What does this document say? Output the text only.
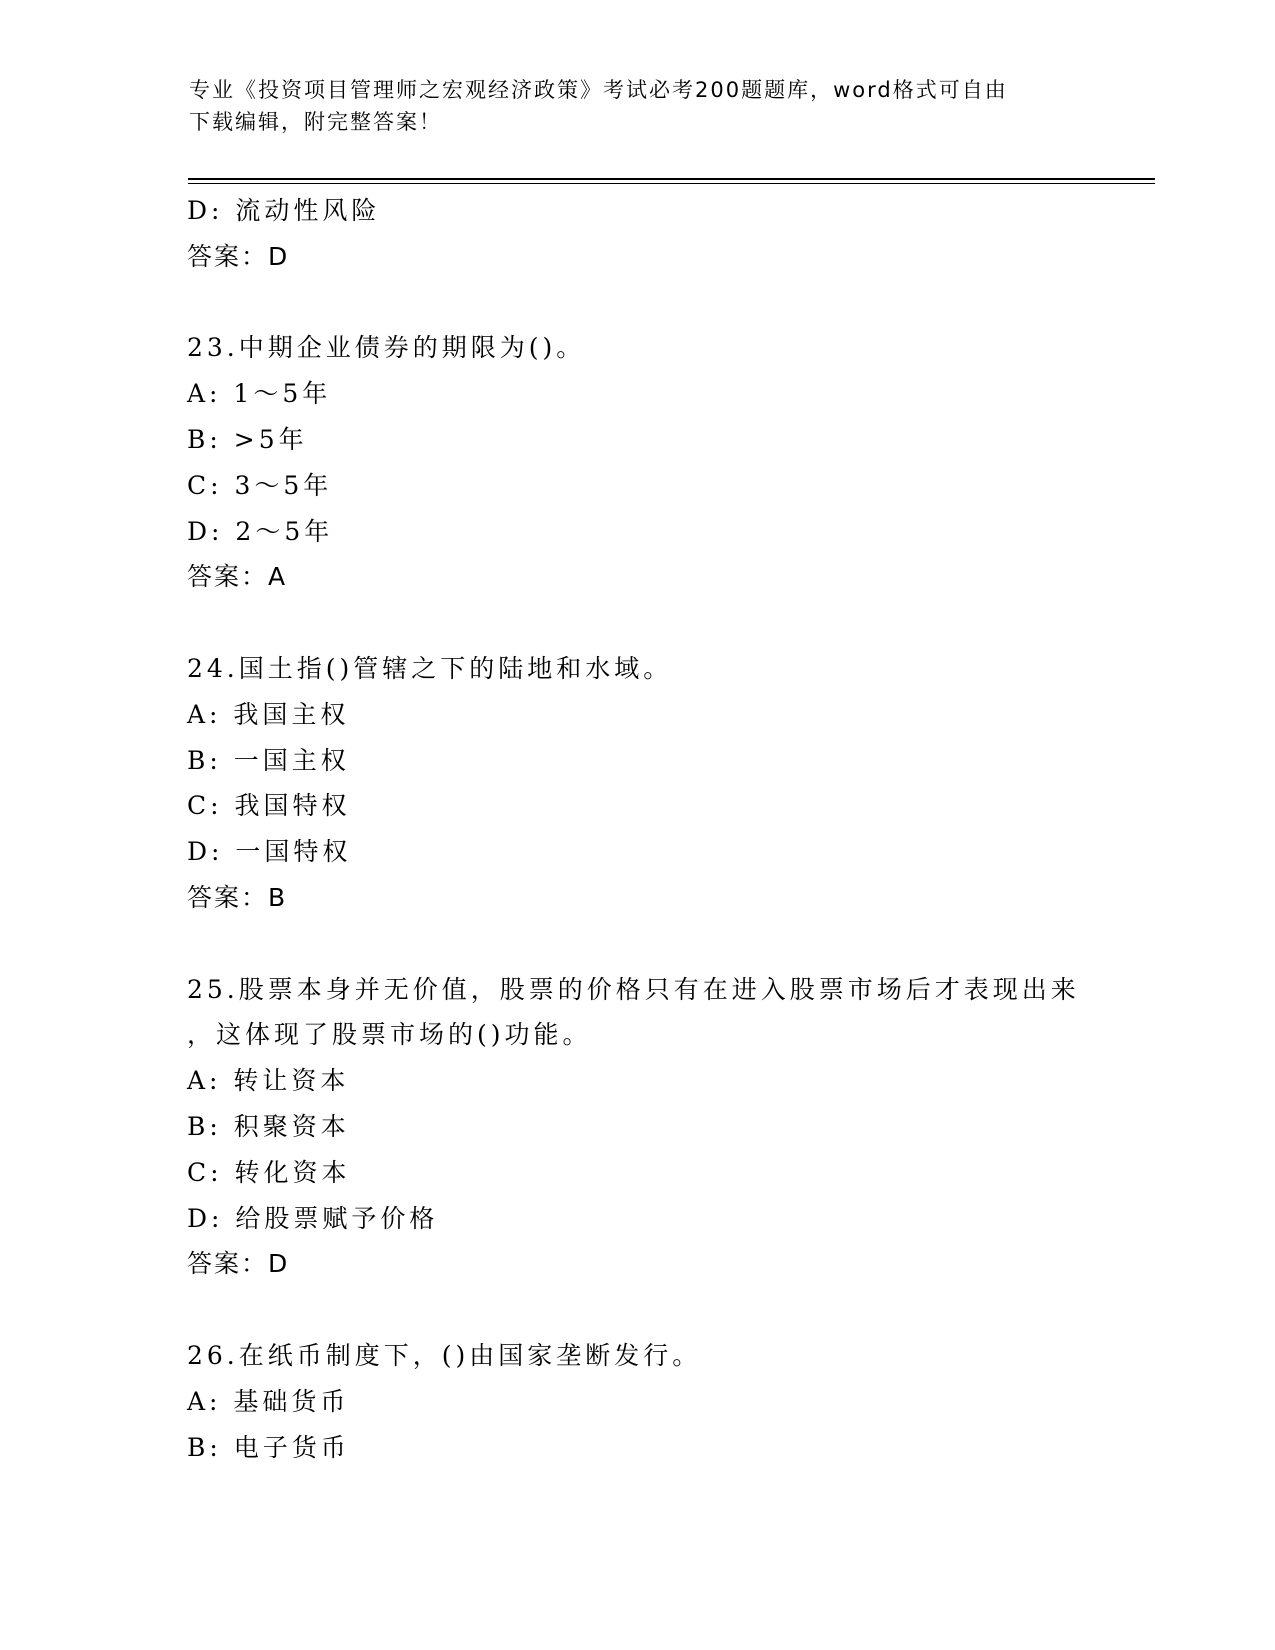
专业《投资项目管理师之宏观经济政策》考试必考200题题库，word格式可自由
下载编辑，附完整答案！
D: 流动性风险
答案：D
23.中期企业债券的期限为()。
A: 1～5年
B: >5年
C: 3～5年
D: 2～5年
答案：A
24.国土指()管辖之下的陆地和水域。
A: 我国主权
B: 一国主权
C: 我国特权
D: 一国特权
答案：B
25.股票本身并无价值，股票的价格只有在进入股票市场后才表现出来
，这体现了股票市场的()功能。
A: 转让资本
B: 积聚资本
C: 转化资本
D: 给股票赋予价格
答案：D
26.在纸币制度下，()由国家垄断发行。
A: 基础货币
B: 电子货币
